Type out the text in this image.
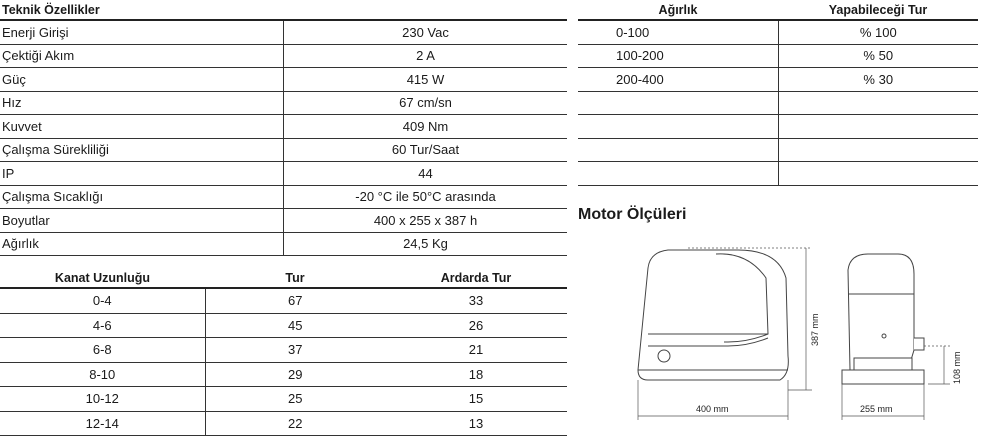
Teknik Özellikler	
Enerji Girişi	230 Vac
Çektiği Akım	2 A
Güç	415 W
Hız	67 cm/sn
Kuvvet	409 Nm
Çalışma Sürekliliği	60 Tur/Saat
IP	44
Çalışma Sıcaklığı	-20 °C ile 50°C arasında
Boyutlar	400 x 255 x 387 h
Ağırlık	24,5 Kg
Kanat Uzunluğu	Tur	Ardarda Tur
0-4	67	33
4-6	45	26
6-8	37	21
8-10	29	18
10-12	25	15
12-14	22	13
Ağırlık	Yapabileceği Tur
0-100	% 100
100-200	% 50
200-400	% 30

Motor Ölçüleri
387 mm
400 mm	255 mm
108 mm
